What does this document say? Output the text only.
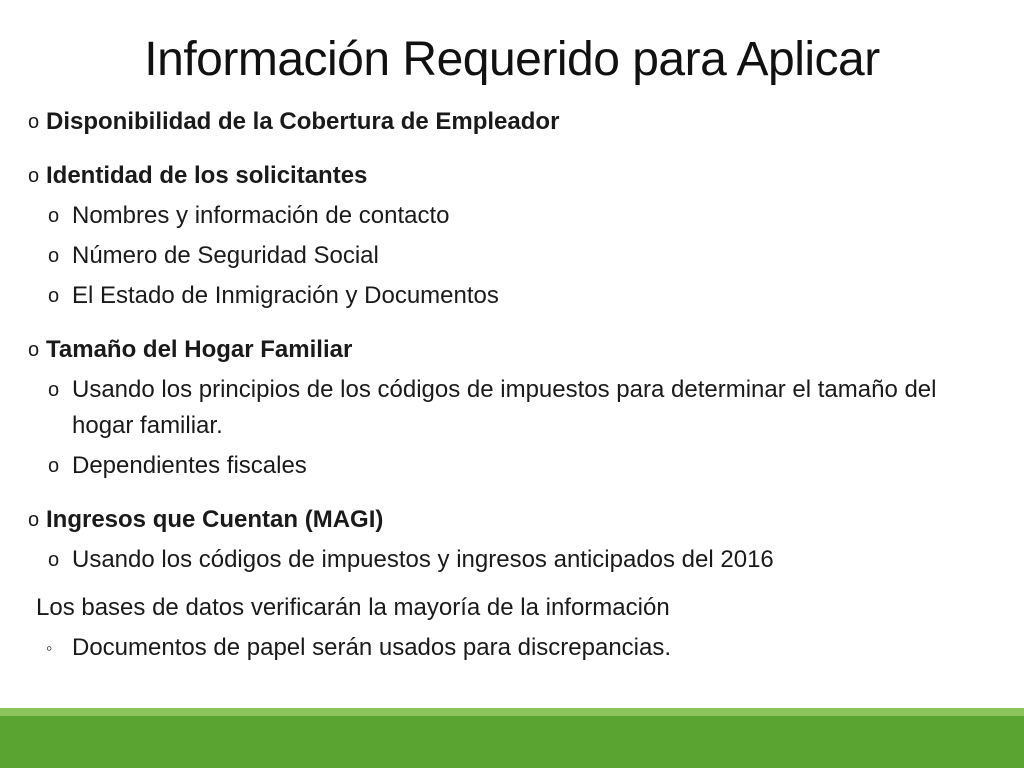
Información Requerido para Aplicar
o Disponibilidad de la Cobertura de Empleador
o Identidad de los solicitantes
o Nombres y información de contacto
o Número de Seguridad Social
o El Estado de Inmigración y Documentos
o Tamaño del Hogar Familiar
o Usando los principios de los códigos de impuestos para determinar el tamaño del hogar familiar.
o Dependientes fiscales
o Ingresos que Cuentan (MAGI)
o Usando los códigos de impuestos y ingresos anticipados del 2016
Los bases de datos verificarán la mayoría de la información
◦ Documentos de papel serán usados para discrepancias.
